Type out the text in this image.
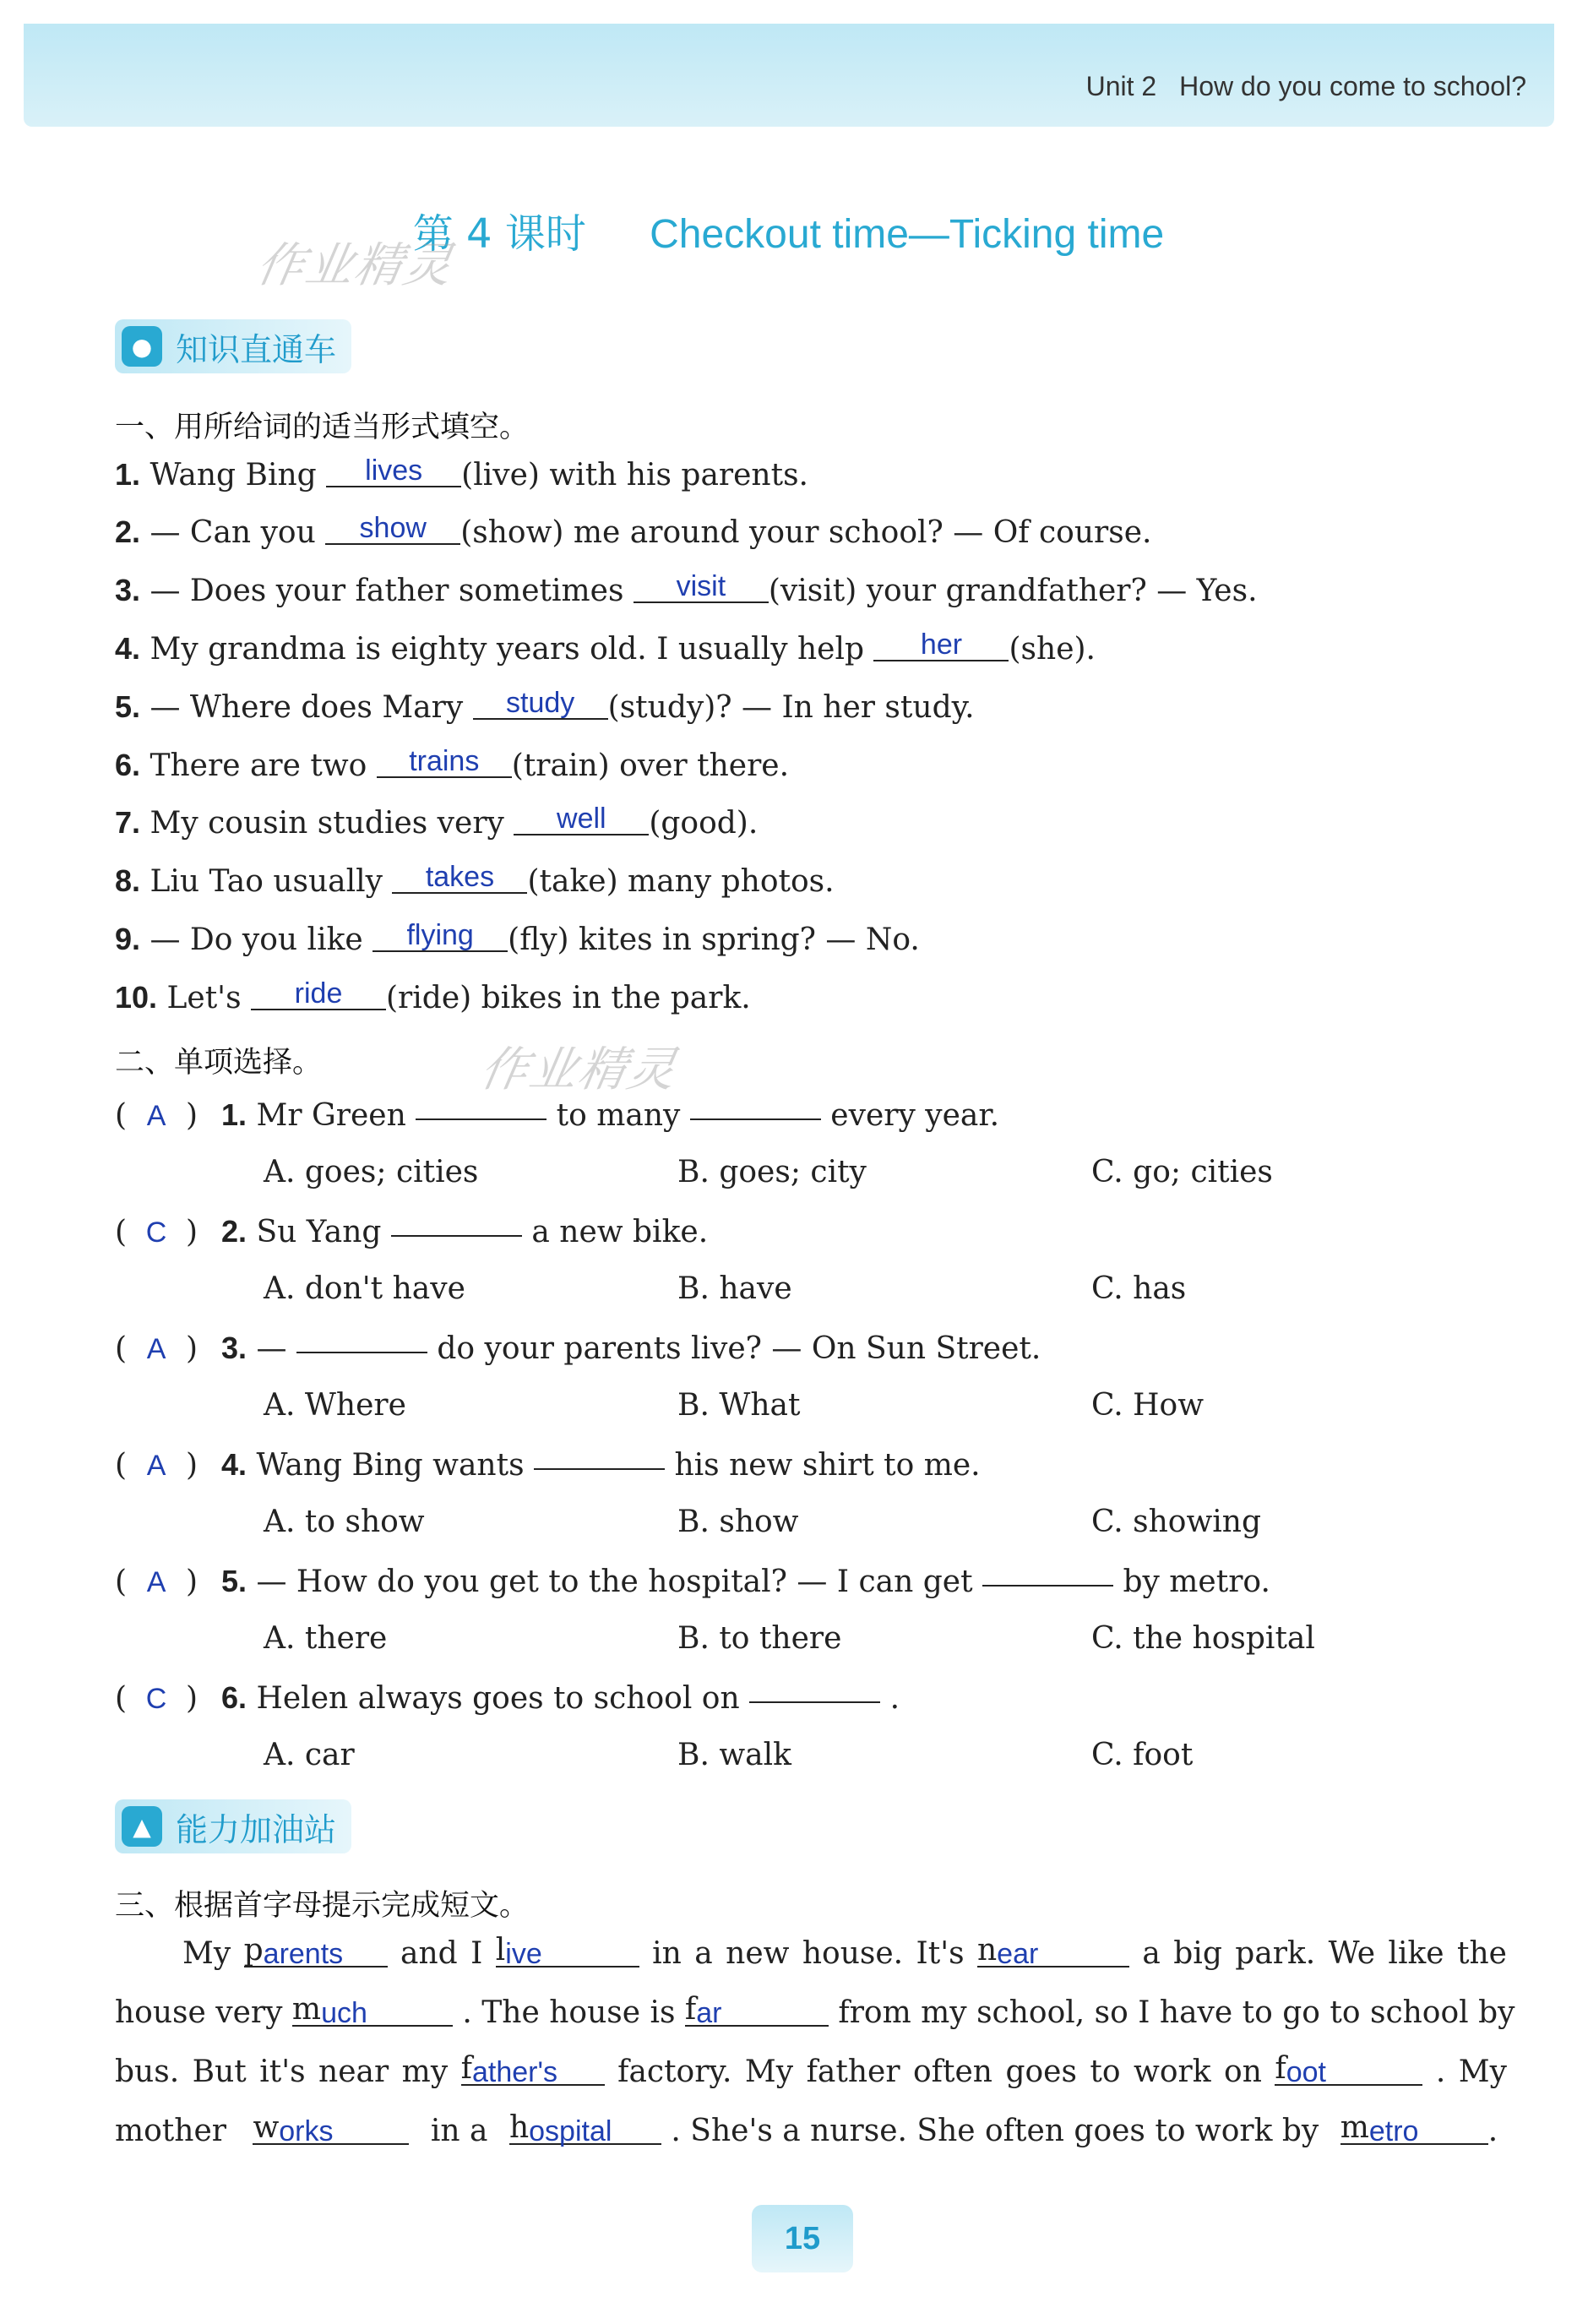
Unit 2 How do you come to school?
第 4 课时 Checkout time—Ticking time
作业精灵
作业精灵
● 知识直通车
一、用所给词的适当形式填空。
1. Wang Bing lives (live) with his parents.
2. — Can you show (show) me around your school? — Of course.
3. — Does your father sometimes visit (visit) your grandfather? — Yes.
4. My grandma is eighty years old. I usually help her (she).
5. — Where does Mary study (study)? — In her study.
6. There are two trains (train) over there.
7. My cousin studies very well (good).
8. Liu Tao usually takes (take) many photos.
9. — Do you like flying (fly) kites in spring? — No.
10. Let's ride (ride) bikes in the park.
二、单项选择。
( A ) 1. Mr Green	to many	every year.
A. goes; cities	B. goes; city	C. go; cities
( C ) 2. Su Yang	a new bike.
A. don't have	B. have	C. has
( A ) 3. —	do your parents live? — On Sun Street.
A. Where	B. What	C. How
( A ) 4. Wang Bing wants	his new shirt to me.
A. to show	B. show	C. showing
( A ) 5. — How do you get to the hospital? — I can get	by metro.
A. there	B. to there	C. the hospital
( C ) 6. Helen always goes to school on	.
A. car	B. walk	C. foot
▲ 能力加油站
三、根据首字母提示完成短文。
My parents and I live	in a new house. It's near	a big park. We like the
house very much	. The house is far	from my school, so I have to go to school by
bus. But it's near my father's factory. My father often goes to work on foot	. My
mother works	in a hospital . She's a nurse. She often goes to work by metro .
15
